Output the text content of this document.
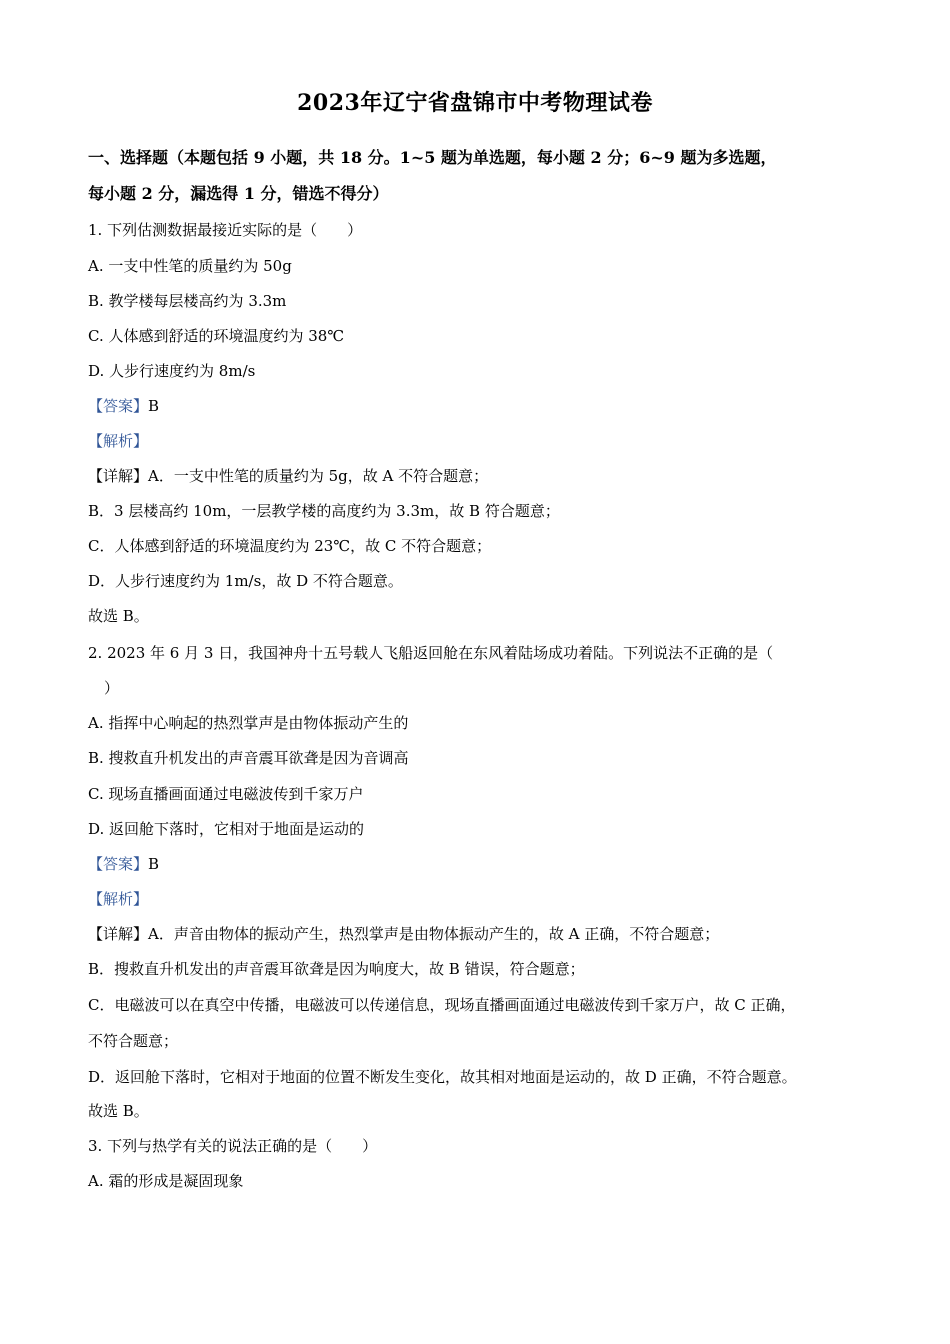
2023年辽宁省盘锦市中考物理试卷
一、选择题（本题包括 9 小题，共 18 分。1~5 题为单选题，每小题 2 分；6~9 题为多选题，
每小题 2 分，漏选得 1 分，错选不得分）
1. 下列估测数据最接近实际的是（　　）
A. 一支中性笔的质量约为 50g
B. 教学楼每层楼高约为 3.3m
C. 人体感到舒适的环境温度约为 38℃
D. 人步行速度约为 8m/s
【答案】B
【解析】
【详解】A．一支中性笔的质量约为 5g，故 A 不符合题意；
B．3 层楼高约 10m，一层教学楼的高度约为 3.3m，故 B 符合题意；
C．人体感到舒适的环境温度约为 23℃，故 C 不符合题意；
D．人步行速度约为 1m/s，故 D 不符合题意。
故选 B。
2. 2023 年 6 月 3 日，我国神舟十五号载人飞船返回舱在东风着陆场成功着陆。下列说法不正确的是（
）
A. 指挥中心响起的热烈掌声是由物体振动产生的
B. 搜救直升机发出的声音震耳欲聋是因为音调高
C. 现场直播画面通过电磁波传到千家万户
D. 返回舱下落时，它相对于地面是运动的
【答案】B
【解析】
【详解】A．声音由物体的振动产生，热烈掌声是由物体振动产生的，故 A 正确，不符合题意；
B．搜救直升机发出的声音震耳欲聋是因为响度大，故 B 错误，符合题意；
C．电磁波可以在真空中传播，电磁波可以传递信息，现场直播画面通过电磁波传到千家万户，故 C 正确，
不符合题意；
D．返回舱下落时，它相对于地面的位置不断发生变化，故其相对地面是运动的，故 D 正确，不符合题意。
故选 B。
3. 下列与热学有关的说法正确的是（　　）
A. 霜的形成是凝固现象
